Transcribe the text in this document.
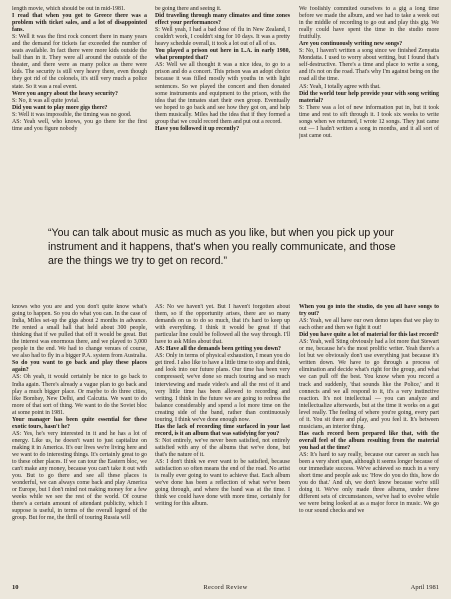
length movie, which should be out in mid-1981.

I read that when you got to Greece there was a problem with ticket sales, and a lot of disappointed fans.

S: Well it was the first rock concert there in many years and the demand for tickets far exceeded the number of seats available. In fact there were more kids outside the ball than in it. They were all around the outside of the theater, and there were as many police as there were kids. The security is still very heavy there, even though they got rid of the colonels, it's still very much a police state. So it was a real event.

Were you angry about the heavy security?

S: No, it was all quite jovial.

Did you want to play more gigs there?

S: Well it was impossible, the timing was no good.

AS: Yeah well, who knows, you go there for the first time and you figure nobody

be going there and seeing it.

Did traveling through many climates and time zones effect your performances?

S: Well yeah, I had a bad dose of flu in New Zealand, I couldn't work, I couldn't sing for 10 days. It was a pretty heavy schedule overall, it took a lot out of all of us.

You played a prison out here in L.A. in early 1980, what prompted that?

AS: Well we all thought it was a nice idea, to go to a prison and do a concert. This prison was an adopt choice because it was filled mostly with youths in with light sentences. So we played the concert and then donated some instruments and equipment to the prison, with the idea that the inmates start their own group. Eventually we hoped to go back and see how they got on, and help them musically. Miles had the idea that if they formed a group that we could record them and put out a record.

Have you followed it up recently?

We foolishly commited ourselves to a gig a long time before we made the album, and we had to take a week out in the middle of recording to go out and play this gig. We really could have spent the time in the studio more fruitfully.

Are you continuously writing new songs?

S: No, I haven't written a song since we finished Zenyatta Mondatta. I used to worry about writing, but I found that's self-destructive. There's a time and place to write a song, and it's not on the road. That's why I'm against being on the road all the time.

AS: Yeah, I totally agree with that.

Did the world tour help provide your with song writing material?

S: There was a lot of new information put in, but it took time and rest to sift through it. I took six weeks to write songs when we returned, I wrote 12 songs. They just came out — I hadn't written a song in months, and it all sort of just came out.

“You can talk about music as much as you like, but when you pick up your instrument and it happens, that's when you really communicate, and those are the things we try to get on record.”

knows who you are and you don't quite know what's going to happen. So you do what you can. In the case of India, Miles set-up the gigs about 2 months in advance. He rented a small hall that held about 300 people, thinking that if we pulled that off it would be great. But the interest was enormous there, and we played to 3,000 people in the end. We had to change venues of course, we also had to fly in a bigger P.A. system from Australia.

So do you want to go back and play these places again?

AS: Oh yeah, it would certainly be nice to go back to India again. There's already a vague plan to go back and play a much bigger place. Or maybe to do three cities, like Bombay, New Delhi, and Calcutta. We want to do more of that sort of thing. We want to do the Soviet bloc at some point in 1981.

Your manager has been quite essential for these exotic tours, hasn't he?

AS: Yes, he's very interested in it and he has a lot of energy. Like us, he doesn't want to just capitalize on making it in America. It's our lives we're living here and we want to do interesting things. It's certainly great to go to these other places. If we can tour the Eastern bloc, we can't make any money, because you can't take it out with you. But to go there and see all these places is wonderful, we can always come back and play America or Europe, but I don't mind not making money for a few weeks while we see the rest of the world. Of course there's a certain amount of attendant publicity, which I suppose is useful, in terms of the overall legend of the group. But for me, the thrill of touring Russia will

AS: No we haven't yet. But I haven't forgotten about them, so if the opportunity arises, there are so many demands on us to do so much, that it's hard to keep up with everything. I think it would be great if that particular line could be followed all the way through. I'll have to ask Miles about that.

AS: Have all the demands been getting you down?

AS: Only in terms of physical exhaustion, I mean you do get tired. I also like to have a little time to stop and think, and look into our future plans. Our time has been very compressed; we've done so much touring and so much interviewing and made video's and all the rest of it and very little time has been allowed to recording and writing. I think in the future we are going to redress the balance considerably and spend a lot more time on the creating side of the band, rather than continuously touring, I think we've done enough now.

Has the lack of recording time surfaced in your last record, is it an album that was satisfying for you?

S: Not entirely, we've never been satisfied, not entirely satisfied with any of the albums that we've done, but that's the nature of it.

AS: I don't think we ever want to be satisfied, because satisfaction so often means the end of the road. No artist is really ever going to want to achieve that. Each album we've done has been a reflection of what we've been going through, and where the band was at the time. I think we could have done with more time, certainly for writing for this album.

When you go into the studio, do you all have songs to try out?

AS: Yeah, we all have our own demo tapes that we play to each other and then we fight it out!

Did you have quite a lot of material for this last record?

AS: Yeah, well Sting obviously had a lot more that Stewart or me, because he's the most prolific writer. Yeah there's a lot but we obviously don't use everything just because it's written down. We have to go through a process of elimination and decide what's right for the group, and what we can pull off the best. You know when you record a track and suddenly, 'that sounds like the Police,' and it connects and we all respond to it, it's a very instinctive reaction. It's not intellectual — you can analyze and intellectualize afterwards, but at the time it works on a gut level really. The feeling of where you're going, every part of it. You sit there and play, and you feel it. It's between musicians, an interior thing.

Has each record been prepared like that, with the overall feel of the album resulting from the material you had at the time?

AS: It's hard to say really, because our career as such has been a very short span, although it seems longer because of our immediate success. We've achieved so much in a very short time and people ask us: 'How do you do this, how do you do that.' And uh, we don't know because we're still doing it. We've only made three albums, under three different sets of circumstances, we've had to evolve while we were being looked at as a major force in music. We go to our sound checks and we

10	Record Review	April 1981
